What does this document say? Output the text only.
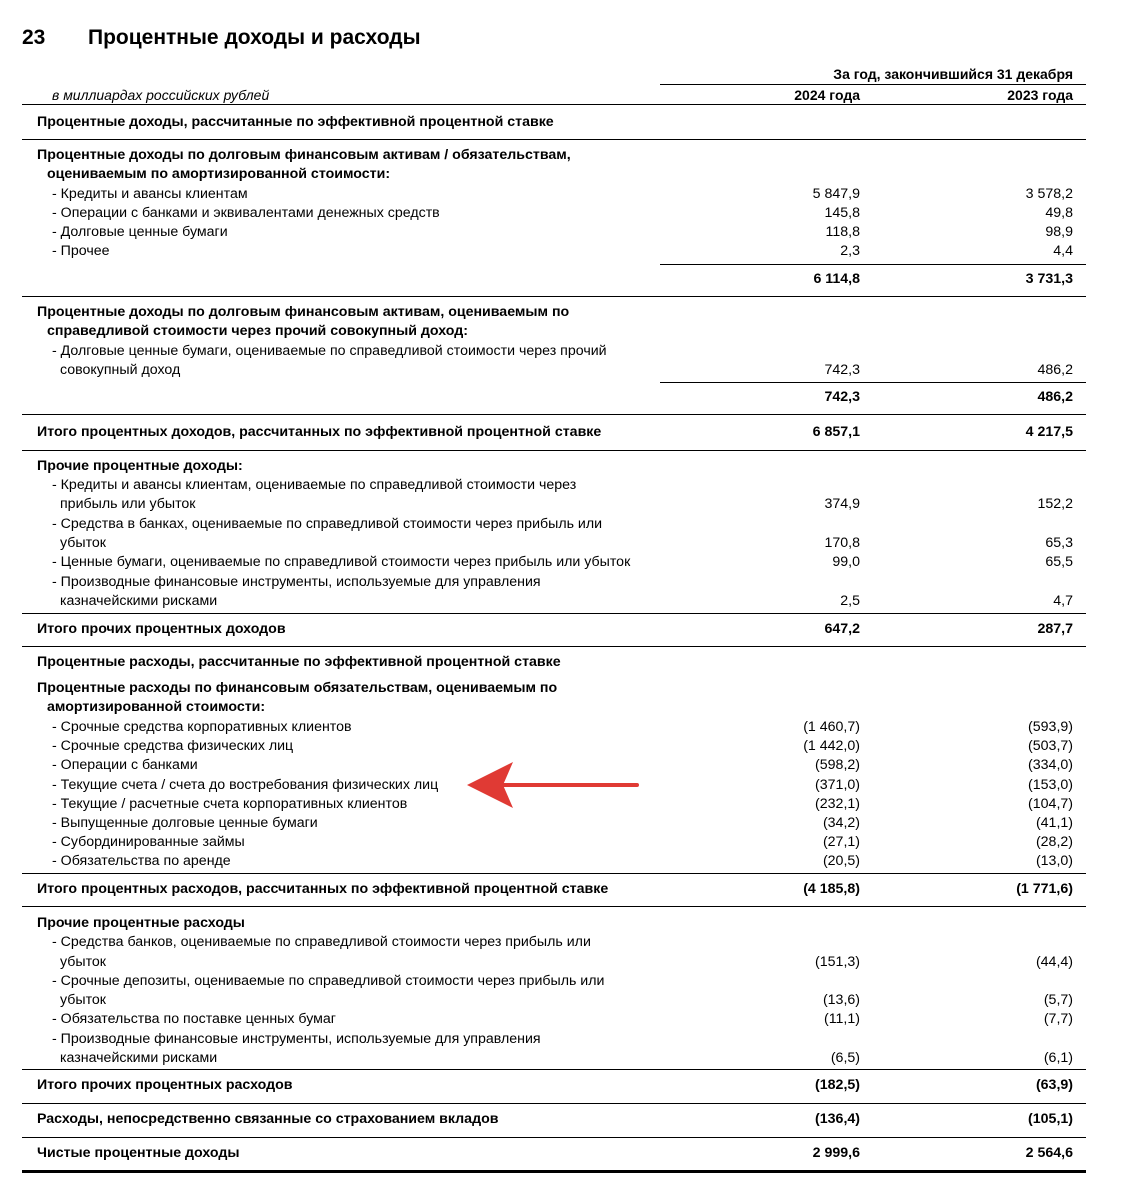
23 Процентные доходы и расходы
За год, закончившийся 31 декабря
в миллиардах российских рублей	2024 года	2023 года
Процентные доходы, рассчитанные по эффективной процентной ставке
Процентные доходы по долговым финансовым активам / обязательствам,
оцениваемым по амортизированной стоимости:
- Кредиты и авансы клиентам	5 847,9	3 578,2
- Операции с банками и эквивалентами денежных средств	145,8	49,8
- Долговые ценные бумаги	118,8	98,9
- Прочее	2,3	4,4
6 114,8	3 731,3
Процентные доходы по долговым финансовым активам, оцениваемым по
справедливой стоимости через прочий совокупный доход:
- Долговые ценные бумаги, оцениваемые по справедливой стоимости через прочий
совокупный доход	742,3	486,2
742,3	486,2
Итого процентных доходов, рассчитанных по эффективной процентной ставке	6 857,1	4 217,5
Прочие процентные доходы:
- Кредиты и авансы клиентам, оцениваемые по справедливой стоимости через
прибыль или убыток	374,9	152,2
- Средства в банках, оцениваемые по справедливой стоимости через прибыль или
убыток	170,8	65,3
- Ценные бумаги, оцениваемые по справедливой стоимости через прибыль или убыток	99,0	65,5
- Производные финансовые инструменты, используемые для управления
казначейскими рисками	2,5	4,7
Итого прочих процентных доходов	647,2	287,7
Процентные расходы, рассчитанные по эффективной процентной ставке
Процентные расходы по финансовым обязательствам, оцениваемым по
амортизированной стоимости:
- Срочные средства корпоративных клиентов	(1 460,7)	(593,9)
- Срочные средства физических лиц	(1 442,0)	(503,7)
- Операции с банками	(598,2)	(334,0)
- Текущие счета / счета до востребования физических лиц	(371,0)	(153,0)
- Текущие / расчетные счета корпоративных клиентов	(232,1)	(104,7)
- Выпущенные долговые ценные бумаги	(34,2)	(41,1)
- Субординированные займы	(27,1)	(28,2)
- Обязательства по аренде	(20,5)	(13,0)
Итого процентных расходов, рассчитанных по эффективной процентной ставке	(4 185,8)	(1 771,6)
Прочие процентные расходы
- Средства банков, оцениваемые по справедливой стоимости через прибыль или
убыток	(151,3)	(44,4)
- Срочные депозиты, оцениваемые по справедливой стоимости через прибыль или
убыток	(13,6)	(5,7)
- Обязательства по поставке ценных бумаг	(11,1)	(7,7)
- Производные финансовые инструменты, используемые для управления
казначейскими рисками	(6,5)	(6,1)
Итого прочих процентных расходов	(182,5)	(63,9)
Расходы, непосредственно связанные со страхованием вкладов	(136,4)	(105,1)
Чистые процентные доходы	2 999,6	2 564,6
